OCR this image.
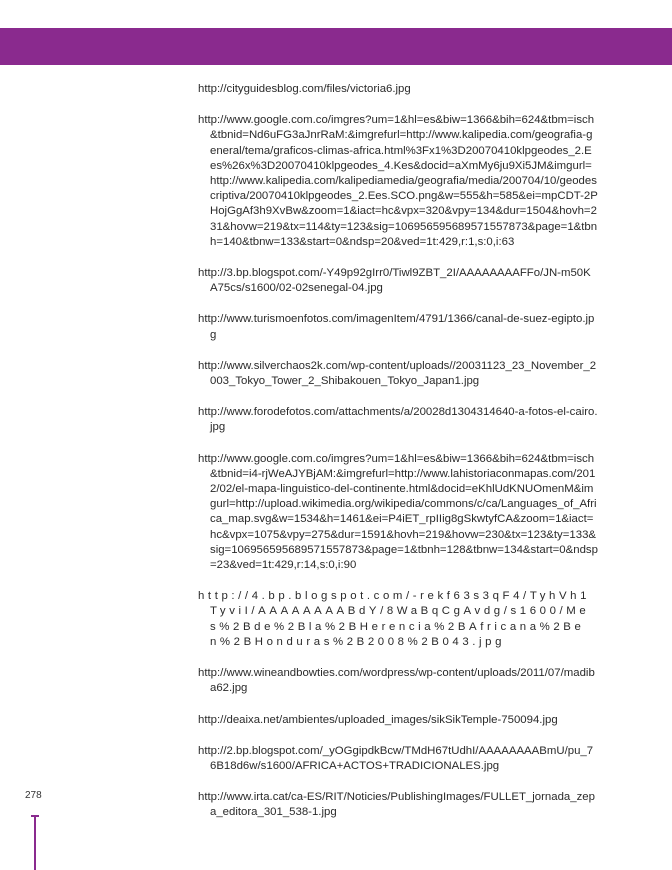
http://cityguidesblog.com/files/victoria6.jpg
http://www.google.com.co/imgres?um=1&hl=es&biw=1366&bih=624&tbm=isch&tbnid=Nd6uFG3aJnrRaM:&imgrefurl=http://www.kalipedia.com/geografia-general/tema/graficos-climas-africa.html%3Fx1%3D20070410klpgeodes_2.Ees%26x%3D20070410klpgeodes_4.Kes&docid=aXmMy6ju9Xi5JM&imgurl=http://www.kalipedia.com/kalipediamedia/geografia/media/200704/10/geodescriptiva/20070410klpgeodes_2.Ees.SCO.png&w=555&h=585&ei=mpCDT-2PHojGgAf3h9XvBw&zoom=1&iact=hc&vpx=320&vpy=134&dur=1504&hovh=231&hovw=219&tx=114&ty=123&sig=106956595689571557873&page=1&tbnh=140&tbnw=133&start=0&ndsp=20&ved=1t:429,r:1,s:0,i:63
http://3.bp.blogspot.com/-Y49p92gIrr0/Tiwl9ZBT_2I/AAAAAAAAFFo/JN-m50KA75cs/s1600/02-02senegal-04.jpg
http://www.turismoenfotos.com/imagenItem/4791/1366/canal-de-suez-egipto.jpg
http://www.silverchaos2k.com/wp-content/uploads//20031123_23_November_2003_Tokyo_Tower_2_Shibakouen_Tokyo_Japan1.jpg
http://www.forodefotos.com/attachments/a/20028d1304314640-a-fotos-el-cairo.jpg
http://www.google.com.co/imgres?um=1&hl=es&biw=1366&bih=624&tbm=isch&tbnid=i4-rjWeAJYBjAM:&imgrefurl=http://www.lahistoriaconmapas.com/2012/02/el-mapa-linguistico-del-continente.html&docid=eKhlUdKNUOmenM&imgurl=http://upload.wikimedia.org/wikipedia/commons/c/ca/Languages_of_Africa_map.svg&w=1534&h=1461&ei=P4iET_rpIIig8gSkwtyfCA&zoom=1&iact=hc&vpx=1075&vpy=275&dur=1591&hovh=219&hovw=230&tx=123&ty=133&sig=106956595689571557873&page=1&tbnh=128&tbnw=134&start=0&ndsp=23&ved=1t:429,r:14,s:0,i:90
http://4.bp.blogspot.com/-rekf63s3qF4/TyhVh1TyviI/AAAAAAAABdY/8WaBqCgAvdg/s1600/Mes%2Bde%2Bla%2BHerencia%2BAfricana%2Ben%2BHonduras%2B2008%2B043.jpg
http://www.wineandbowties.com/wordpress/wp-content/uploads/2011/07/madiba62.jpg
http://deaixa.net/ambientes/uploaded_images/sikSikTemple-750094.jpg
http://2.bp.blogspot.com/_yOGgipdkBcw/TMdH67tUdhI/AAAAAAAABmU/pu_76B18d6w/s1600/AFRICA+ACTOS+TRADICIONALES.jpg
http://www.irta.cat/ca-ES/RIT/Noticies/PublishingImages/FULLET_jornada_zepa_editora_301_538-1.jpg
278
